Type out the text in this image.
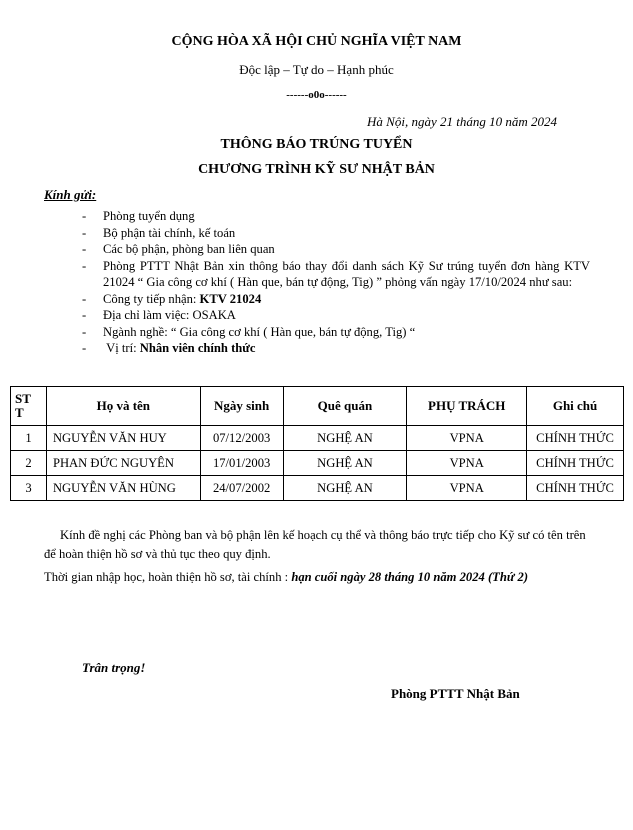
CỘNG HÒA XÃ HỘI CHỦ NGHĨA VIỆT NAM
Độc lập – Tự do – Hạnh phúc
------o0o------
Hà Nội, ngày 21 tháng 10 năm 2024
THÔNG BÁO TRÚNG TUYỂN
CHƯƠNG TRÌNH KỸ SƯ NHẬT BẢN
Kính gửi:
- Phòng tuyển dụng
- Bộ phận tài chính, kế toán
- Các bộ phận, phòng ban liên quan
- Phòng PTTT Nhật Bản xin thông báo thay đổi danh sách Kỹ Sư trúng tuyển đơn hàng KTV 21024 “ Gia công cơ khí ( Hàn que, bán tự động, Tig) ” phỏng vấn ngày 17/10/2024 như sau:
- Công ty tiếp nhận: KTV 21024
- Địa chỉ làm việc: OSAKA
- Ngành nghề: “ Gia công cơ khí ( Hàn que, bán tự động, Tig) “
- Vị trí: Nhân viên chính thức
ST
T	Họ và tên	Ngày sinh	Quê quán	PHỤ TRÁCH	Ghi chú
1	NGUYỄN VĂN HUY	07/12/2003	NGHỆ AN	VPNA	CHÍNH THỨC
2	PHAN ĐỨC NGUYÊN	17/01/2003	NGHỆ AN	VPNA	CHÍNH THỨC
3	NGUYỄN VĂN HÙNG	24/07/2002	NGHỆ AN	VPNA	CHÍNH THỨC
Kính đề nghị các Phòng ban và bộ phận lên kế hoạch cụ thể và thông báo trực tiếp cho Kỹ sư có tên trên để hoàn thiện hồ sơ và thủ tục theo quy định.
Thời gian nhập học, hoàn thiện hồ sơ, tài chính : hạn cuối ngày 28 tháng 10 năm 2024 (Thứ 2)
Trân trọng!
Phòng PTTT Nhật Bản
